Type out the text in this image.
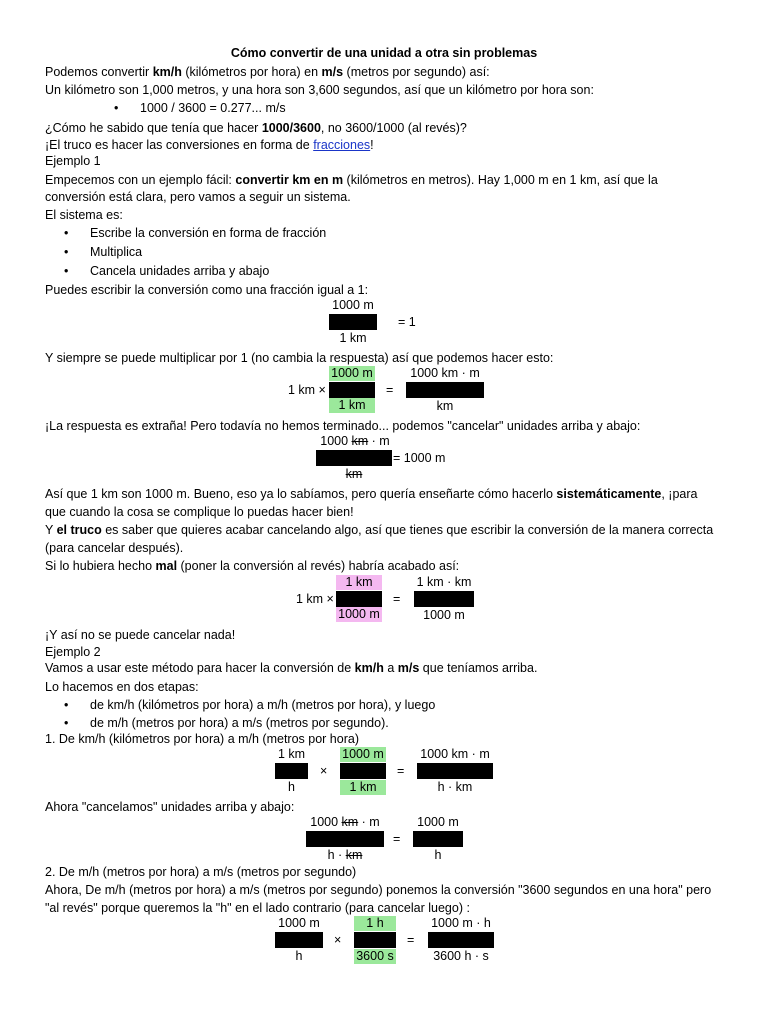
Cómo convertir de una unidad a otra sin problemas
Podemos convertir km/h (kilómetros por hora) en m/s (metros por segundo) así:
Un kilómetro son 1,000 metros, y una hora son 3,600 segundos, así que un kilómetro por hora son:
• 1000 / 3600 = 0.277... m/s
¿Cómo he sabido que tenía que hacer 1000/3600, no 3600/1000 (al revés)?
¡El truco es hacer las conversiones en forma de fracciones!
Ejemplo 1
Empecemos con un ejemplo fácil: convertir km en m (kilómetros en metros). Hay 1,000 m en 1 km, así que la
conversión está clara, pero vamos a seguir un sistema.
El sistema es:
• Escribe la conversión en forma de fracción
• Multiplica
• Cancela unidades arriba y abajo
Puedes escribir la conversión como una fracción igual a 1:
1000 m
= 1
1 km
Y siempre se puede multiplicar por 1 (no cambia la respuesta) así que podemos hacer esto:
1 km ×
1000 m
1 km
=
1000 km · m
km
¡La respuesta es extraña! Pero todavía no hemos terminado... podemos "cancelar" unidades arriba y abajo:
1000 km · m
= 1000 m
km
Así que 1 km son 1000 m. Bueno, eso ya lo sabíamos, pero quería enseñarte cómo hacerlo sistemáticamente, ¡para
que cuando la cosa se complique lo puedas hacer bien!
Y el truco es saber que quieres acabar cancelando algo, así que tienes que escribir la conversión de la manera correcta
(para cancelar después).
Si lo hubiera hecho mal (poner la conversión al revés) habría acabado así:
1 km ×
1 km
1000 m
=
1 km · km
1000 m
¡Y así no se puede cancelar nada!
Ejemplo 2
Vamos a usar este método para hacer la conversión de km/h a m/s que teníamos arriba.
Lo hacemos en dos etapas:
• de km/h (kilómetros por hora) a m/h (metros por hora), y luego
• de m/h (metros por hora) a m/s (metros por segundo).
1. De km/h (kilómetros por hora) a m/h (metros por hora)
1 km
h
×
1000 m
1 km
=
1000 km · m
h · km
Ahora "cancelamos" unidades arriba y abajo:
1000 km · m
h · km
=
1000 m
h
2. De m/h (metros por hora) a m/s (metros por segundo)
Ahora, De m/h (metros por hora) a m/s (metros por segundo) ponemos la conversión "3600 segundos en una hora" pero
"al revés" porque queremos la "h" en el lado contrario (para cancelar luego) :
1000 m
h
×
1 h
3600 s
=
1000 m · h
3600 h · s
